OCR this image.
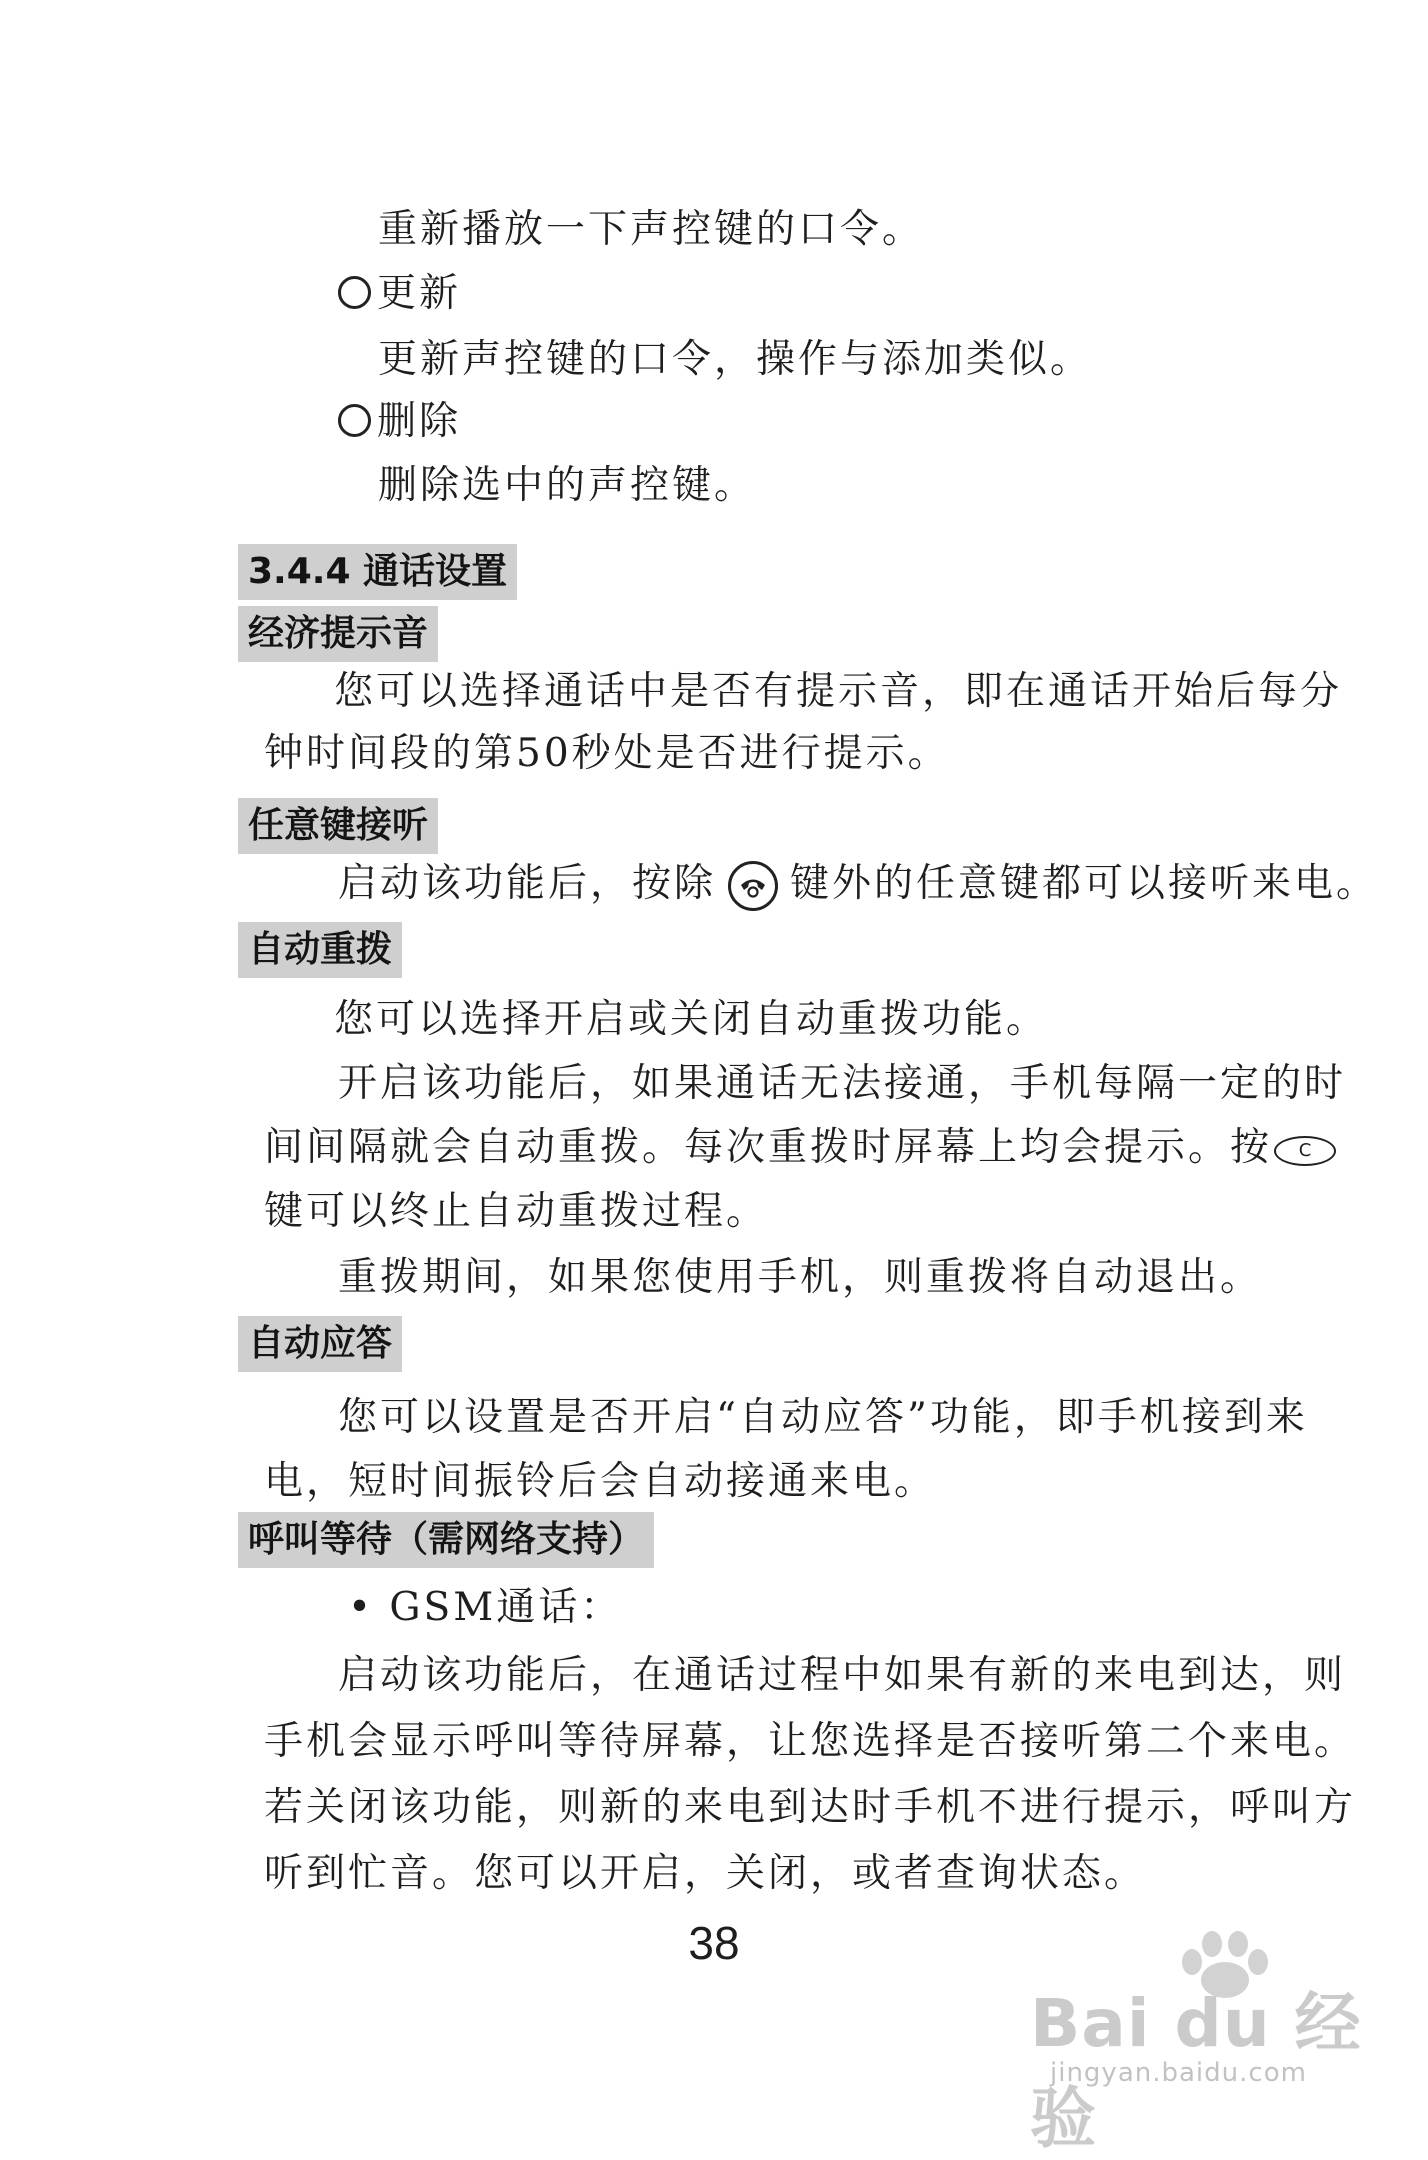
重新播放一下声控键的口令。
更新
更新声控键的口令，操作与添加类似。
删除
删除选中的声控键。
3.4.4 通话设置
经济提示音
您可以选择通话中是否有提示音，即在通话开始后每分
钟时间段的第50秒处是否进行提示。
任意键接听
启动该功能后，按除 键外的任意键都可以接听来电。
自动重拨
您可以选择开启或关闭自动重拨功能。
开启该功能后，如果通话无法接通，手机每隔一定的时
间间隔就会自动重拨。每次重拨时屏幕上均会提示。按 C
键可以终止自动重拨过程。
重拨期间，如果您使用手机，则重拨将自动退出。
自动应答
您可以设置是否开启“自动应答”功能，即手机接到来
电，短时间振铃后会自动接通来电。
呼叫等待（需网络支持）
• GSM通话：
启动该功能后，在通话过程中如果有新的来电到达，则
手机会显示呼叫等待屏幕，让您选择是否接听第二个来电。
若关闭该功能，则新的来电到达时手机不进行提示，呼叫方
听到忙音。您可以开启，关闭，或者查询状态。
38
Bai du 经验
jingyan.baidu.com
